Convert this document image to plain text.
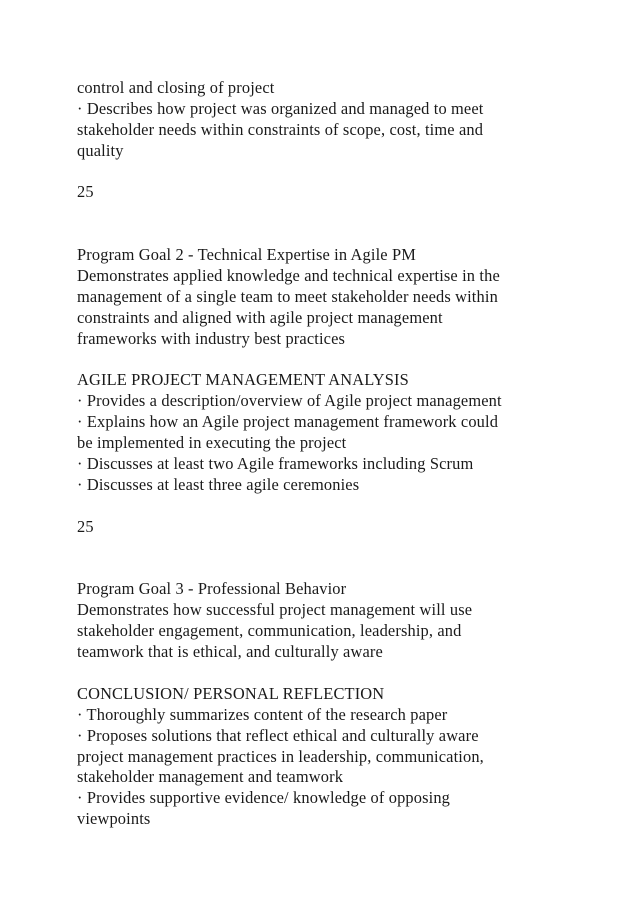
control and closing of project
· Describes how project was organized and managed to meet
stakeholder needs within constraints of scope, cost, time and
quality
25
Program Goal 2 - Technical Expertise in Agile PM
Demonstrates applied knowledge and technical expertise in the
management of a single team to meet stakeholder needs within
constraints and aligned with agile project management
frameworks with industry best practices
AGILE PROJECT MANAGEMENT ANALYSIS
· Provides a description/overview of Agile project management
· Explains how an Agile project management framework could
be implemented in executing the project
· Discusses at least two Agile frameworks including Scrum
· Discusses at least three agile ceremonies
25
Program Goal 3 - Professional Behavior
Demonstrates how successful project management will use
stakeholder engagement, communication, leadership, and
teamwork that is ethical, and culturally aware
CONCLUSION/ PERSONAL REFLECTION
· Thoroughly summarizes content of the research paper
· Proposes solutions that reflect ethical and culturally aware
project management practices in leadership, communication,
stakeholder management and teamwork
· Provides supportive evidence/ knowledge of opposing
viewpoints
